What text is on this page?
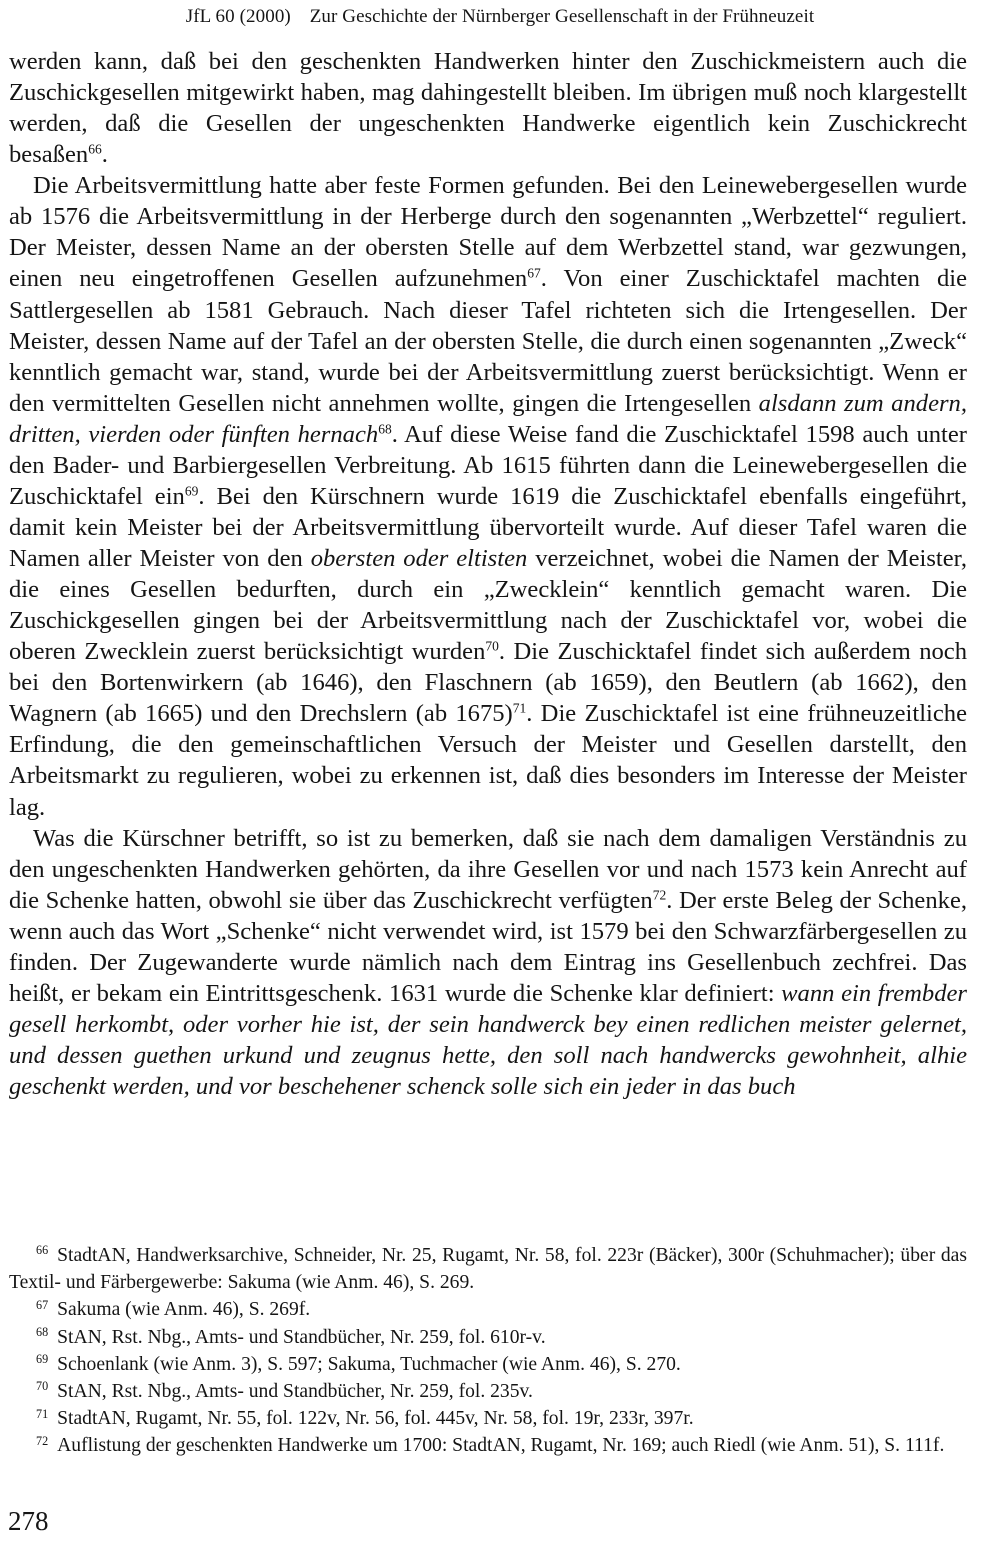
JfL 60 (2000) Zur Geschichte der Nürnberger Gesellenschaft in der Frühneuzeit

werden kann, daß bei den geschenkten Handwerken hinter den Zuschickmeistern auch die Zuschickgesellen mitgewirkt haben, mag dahingestellt bleiben. Im übrigen muß noch klargestellt werden, daß die Gesellen der ungeschenkten Handwerke eigentlich kein Zuschickrecht besaßen$^{66}$.

Die Arbeitsvermittlung hatte aber feste Formen gefunden. Bei den Leinewebergesellen wurde ab 1576 die Arbeitsvermittlung in der Herberge durch den sogenannten „Werbzettel“ reguliert. Der Meister, dessen Name an der obersten Stelle auf dem Werbzettel stand, war gezwungen, einen neu eingetroffenen Gesellen aufzunehmen$^{67}$. Von einer Zuschicktafel machten die Sattlergesellen ab 1581 Gebrauch. Nach dieser Tafel richteten sich die Irtengesellen. Der Meister, dessen Name auf der Tafel an der obersten Stelle, die durch einen sogenannten „Zweck“ kenntlich gemacht war, stand, wurde bei der Arbeitsvermittlung zuerst berücksichtigt. Wenn er den vermittelten Gesellen nicht annehmen wollte, gingen die Irtengesellen alsdann zum andern, dritten, vierden oder fünften hernach$^{68}$. Auf diese Weise fand die Zuschicktafel 1598 auch unter den Bader- und Barbiergesellen Verbreitung. Ab 1615 führten dann die Leinewebergesellen die Zuschicktafel ein$^{69}$. Bei den Kürschnern wurde 1619 die Zuschicktafel ebenfalls eingeführt, damit kein Meister bei der Arbeitsvermittlung übervorteilt wurde. Auf dieser Tafel waren die Namen aller Meister von den obersten oder eltisten verzeichnet, wobei die Namen der Meister, die eines Gesellen bedurften, durch ein „Zwecklein“ kenntlich gemacht waren. Die Zuschickgesellen gingen bei der Arbeitsvermittlung nach der Zuschicktafel vor, wobei die oberen Zwecklein zuerst berücksichtigt wurden$^{70}$. Die Zuschicktafel findet sich außerdem noch bei den Bortenwirkern (ab 1646), den Flaschnern (ab 1659), den Beutlern (ab 1662), den Wagnern (ab 1665) und den Drechslern (ab 1675)$^{71}$. Die Zuschicktafel ist eine frühneuzeitliche Erfindung, die den gemeinschaftlichen Versuch der Meister und Gesellen darstellt, den Arbeitsmarkt zu regulieren, wobei zu erkennen ist, daß dies besonders im Interesse der Meister lag.

Was die Kürschner betrifft, so ist zu bemerken, daß sie nach dem damaligen Verständnis zu den ungeschenkten Handwerken gehörten, da ihre Gesellen vor und nach 1573 kein Anrecht auf die Schenke hatten, obwohl sie über das Zuschickrecht verfügten$^{72}$. Der erste Beleg der Schenke, wenn auch das Wort „Schenke“ nicht verwendet wird, ist 1579 bei den Schwarzfärbergesellen zu finden. Der Zugewanderte wurde nämlich nach dem Eintrag ins Gesellenbuch zechfrei. Das heißt, er bekam ein Eintrittsgeschenk. 1631 wurde die Schenke klar definiert: wann ein frembder gesell herkombt, oder vorher hie ist, der sein handwerck bey einen redlichen meister gelernet, und dessen guethen urkund und zeugnus hette, den soll nach handwercks gewohnheit, alhie geschenkt werden, und vor beschehener schenck solle sich ein jeder in das buch

$^{66}$ StadtAN, Handwerksarchive, Schneider, Nr. 25, Rugamt, Nr. 58, fol. 223r (Bäcker), 300r (Schuhmacher); über das Textil- und Färbergewerbe: Sakuma (wie Anm. 46), S. 269.
$^{67}$ Sakuma (wie Anm. 46), S. 269f.
$^{68}$ StAN, Rst. Nbg., Amts- und Standbücher, Nr. 259, fol. 610r-v.
$^{69}$ Schoenlank (wie Anm. 3), S. 597; Sakuma, Tuchmacher (wie Anm. 46), S. 270.
$^{70}$ StAN, Rst. Nbg., Amts- und Standbücher, Nr. 259, fol. 235v.
$^{71}$ StadtAN, Rugamt, Nr. 55, fol. 122v, Nr. 56, fol. 445v, Nr. 58, fol. 19r, 233r, 397r.
$^{72}$ Auflistung der geschenkten Handwerke um 1700: StadtAN, Rugamt, Nr. 169; auch Riedl (wie Anm. 51), S. 111f.
278
